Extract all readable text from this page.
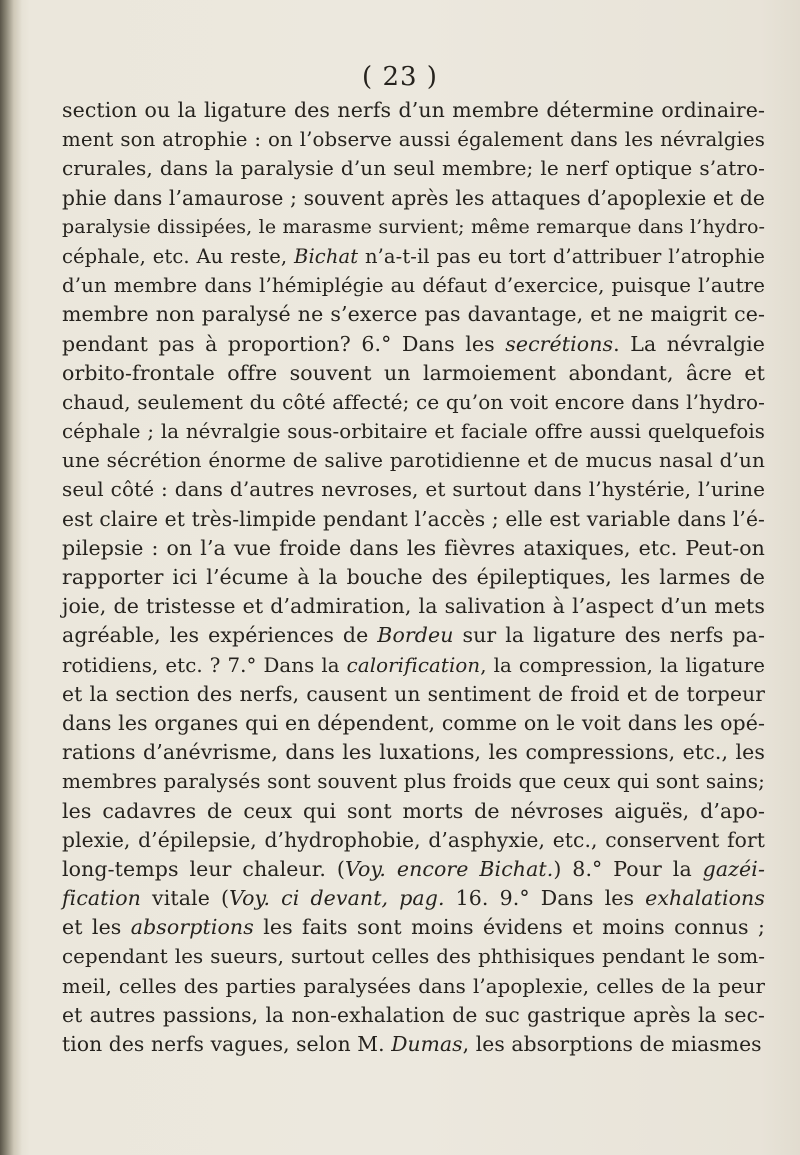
( 23 )
section ou la ligature des nerfs d’un membre détermine ordinaire-
ment son atrophie : on l’observe aussi également dans les névralgies
crurales, dans la paralysie d’un seul membre; le nerf optique s’atro-
phie dans l’amaurose ; souvent après les attaques d’apoplexie et de
paralysie dissipées, le marasme survient; même remarque dans l’hydro-
céphale, etc. Au reste, Bichat n’a-t-il pas eu tort d’attribuer l’atrophie
d’un membre dans l’hémiplégie au défaut d’exercice, puisque l’autre
membre non paralysé ne s’exerce pas davantage, et ne maigrit ce-
pendant pas à proportion? 6.° Dans les secrétions. La névralgie
orbito-frontale offre souvent un larmoiement abondant, âcre et
chaud, seulement du côté affecté; ce qu’on voit encore dans l’hydro-
céphale ; la névralgie sous-orbitaire et faciale offre aussi quelquefois
une sécrétion énorme de salive parotidienne et de mucus nasal d’un
seul côté : dans d’autres nevroses, et surtout dans l’hystérie, l’urine
est claire et très-limpide pendant l’accès ; elle est variable dans l’é-
pilepsie : on l’a vue froide dans les fièvres ataxiques, etc. Peut-on
rapporter ici l’écume à la bouche des épileptiques, les larmes de
joie, de tristesse et d’admiration, la salivation à l’aspect d’un mets
agréable, les expériences de Bordeu sur la ligature des nerfs pa-
rotidiens, etc. ? 7.° Dans la calorification, la compression, la ligature
et la section des nerfs, causent un sentiment de froid et de torpeur
dans les organes qui en dépendent, comme on le voit dans les opé-
rations d’anévrisme, dans les luxations, les compressions, etc., les
membres paralysés sont souvent plus froids que ceux qui sont sains;
les cadavres de ceux qui sont morts de névroses aiguës, d’apo-
plexie, d’épilepsie, d’hydrophobie, d’asphyxie, etc., conservent fort
long-temps leur chaleur. (Voy. encore Bichat.) 8.° Pour la gazéi-
fication vitale (Voy. ci devant, pag. 16. 9.° Dans les exhalations
et les absorptions les faits sont moins évidens et moins connus ;
cependant les sueurs, surtout celles des phthisiques pendant le som-
meil, celles des parties paralysées dans l’apoplexie, celles de la peur
et autres passions, la non-exhalation de suc gastrique après la sec-
tion des nerfs vagues, selon M. Dumas, les absorptions de miasmes
